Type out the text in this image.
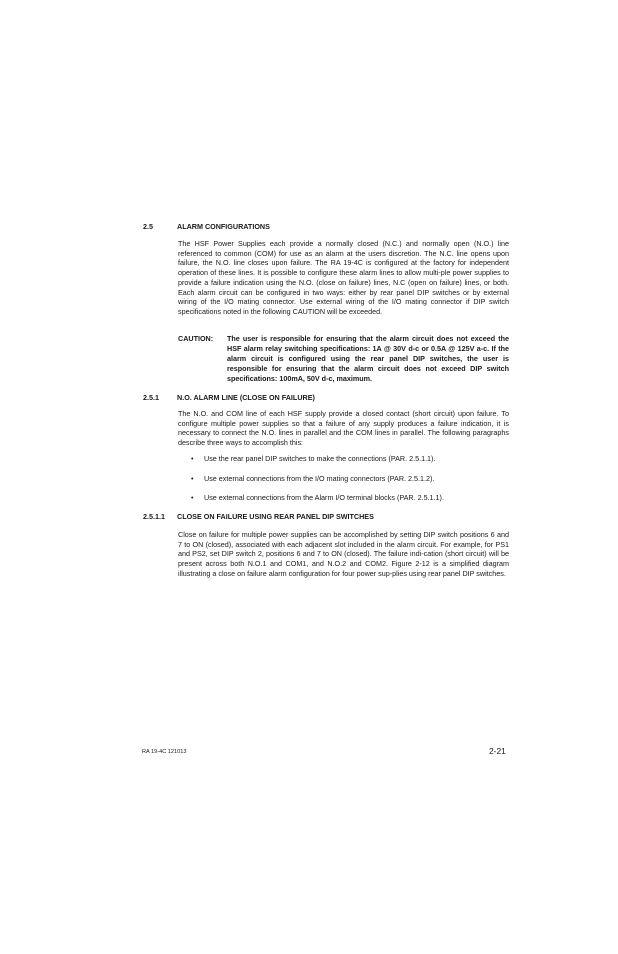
2.5	ALARM CONFIGURATIONS

The HSF Power Supplies each provide a normally closed (N.C.) and normally open (N.O.) line referenced to common (COM) for use as an alarm at the users discretion. The N.C. line opens upon failure, the N.O. line closes upon failure. The RA 19-4C is configured at the factory for independent operation of these lines. It is possible to configure these alarm lines to allow multi-ple power supplies to provide a failure indication using the N.O. (close on failure) lines, N.C (open on failure) lines, or both. Each alarm circuit can be configured in two ways: either by rear panel DIP switches or by external wiring of the I/O mating connector. Use external wiring of the I/O mating connector if DIP switch specifications noted in the following CAUTION will be exceeded.

CAUTION: The user is responsible for ensuring that the alarm circuit does not exceed the HSF alarm relay switching specifications: 1A @ 30V d-c or 0.5A @ 125V a-c. If the alarm circuit is configured using the rear panel DIP switches, the user is responsible for ensuring that the alarm circuit does not exceed DIP switch specifications: 100mA, 50V d-c, maximum.

2.5.1	N.O. ALARM LINE (CLOSE ON FAILURE)

The N.O. and COM line of each HSF supply provide a closed contact (short circuit) upon failure. To configure multiple power supplies so that a failure of any supply produces a failure indication, it is necessary to connect the N.O. lines in parallel and the COM lines in parallel. The following paragraphs describe three ways to accomplish this:

• Use the rear panel DIP switches to make the connections (PAR. 2.5.1.1).
• Use external connections from the I/O mating connectors (PAR. 2.5.1.2).
• Use external connections from the Alarm I/O terminal blocks (PAR. 2.5.1.1).
2.5.1.1 CLOSE ON FAILURE USING REAR PANEL DIP SWITCHES

Close on failure for multiple power supplies can be accomplished by setting DIP switch positions 6 and 7 to ON (closed), associated with each adjacent slot included in the alarm circuit. For example, for PS1 and PS2, set DIP switch 2, positions 6 and 7 to ON (closed). The failure indi-cation (short circuit) will be present across both N.O.1 and COM1, and N.O.2 and COM2. Figure 2-12 is a simplified diagram illustrating a close on failure alarm configuration for four power sup-plies using rear panel DIP switches.

RA 19-4C 121013	2-21
